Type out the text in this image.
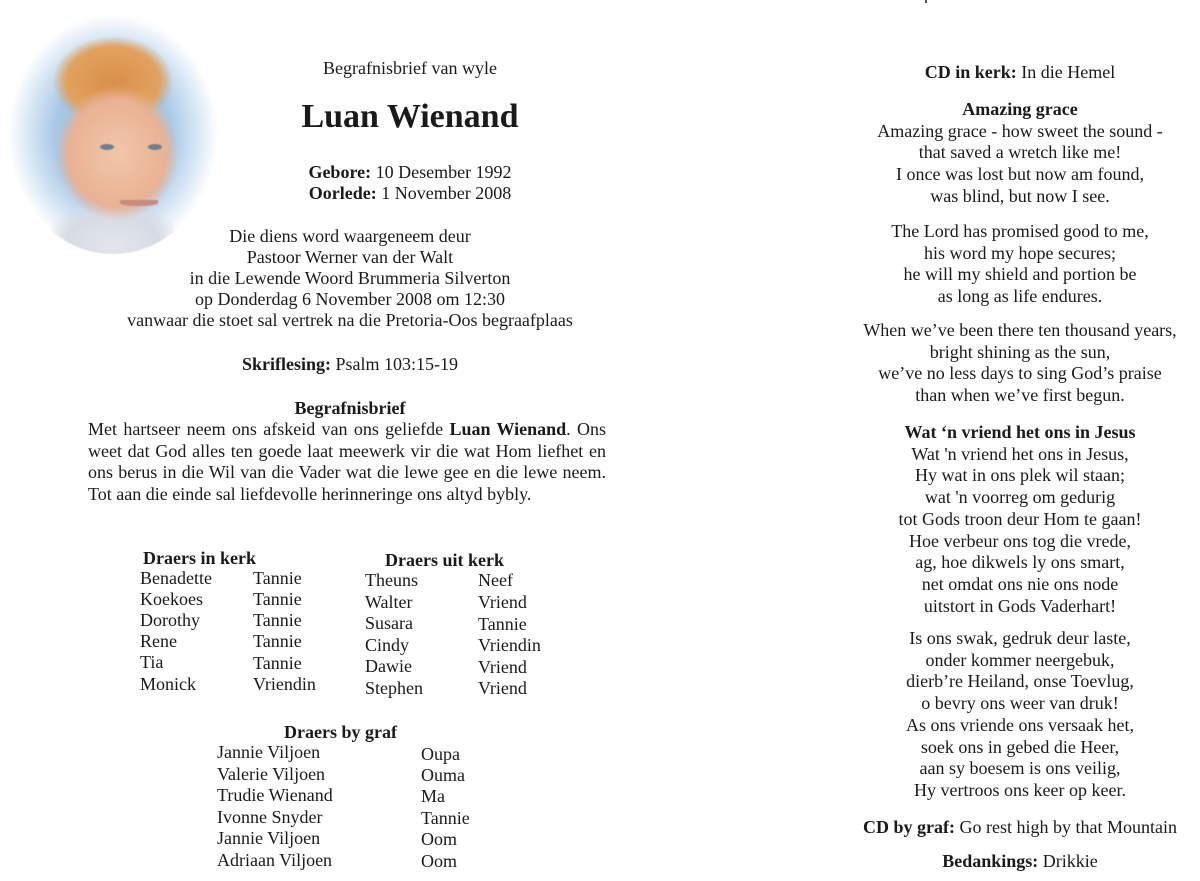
Begrafnisbrief van wyle
Luan Wienand
Gebore: 10 Desember 1992
Oorlede: 1 November 2008
Die diens word waargeneem deur
Pastoor Werner van der Walt
in die Lewende Woord Brummeria Silverton
op Donderdag 6 November 2008 om 12:30
vanwaar die stoet sal vertrek na die Pretoria-Oos begraafplaas
Skriflesing: Psalm 103:15-19
Begrafnisbrief
Met hartseer neem ons afskeid van ons geliefde Luan Wienand. Ons weet dat God alles ten goede laat meewerk vir die wat Hom liefhet en ons berus in die Wil van die Vader wat die lewe gee en die lewe neem. Tot aan die einde sal liefdevolle herinneringe ons altyd bybly.
Draers in kerk
Benadette Tannie
Koekoes	Tannie
Dorothy	Tannie
Rene	Tannie
Tia	Tannie
Monick	Vriendin
Draers uit kerk
Theuns	Neef
Walter	Vriend
Susara	Tannie
Cindy	Vriendin
Dawie	Vriend
Stephen	Vriend
Draers by graf
Jannie Viljoen	Oupa
Valerie Viljoen	Ouma
Trudie Wienand	Ma
Ivonne Snyder	Tannie
Jannie Viljoen	Oom
Adriaan Viljoen	Oom
CD in kerk: In die Hemel
Amazing grace
Amazing grace - how sweet the sound -
that saved a wretch like me!
I once was lost but now am found,
was blind, but now I see.
The Lord has promised good to me,
his word my hope secures;
he will my shield and portion be
as long as life endures.
When we’ve been there ten thousand years,
bright shining as the sun,
we’ve no less days to sing God’s praise
than when we’ve first begun.
Wat ‘n vriend het ons in Jesus
Wat 'n vriend het ons in Jesus,
Hy wat in ons plek wil staan;
wat 'n voorreg om gedurig
tot Gods troon deur Hom te gaan!
Hoe verbeur ons tog die vrede,
ag, hoe dikwels ly ons smart,
net omdat ons nie ons node
uitstort in Gods Vaderhart!
Is ons swak, gedruk deur laste,
onder kommer neergebuk,
dierb’re Heiland, onse Toevlug,
o bevry ons weer van druk!
As ons vriende ons versaak het,
soek ons in gebed die Heer,
aan sy boesem is ons veilig,
Hy vertroos ons keer op keer.
CD by graf: Go rest high by that Mountain
Bedankings: Drikkie
